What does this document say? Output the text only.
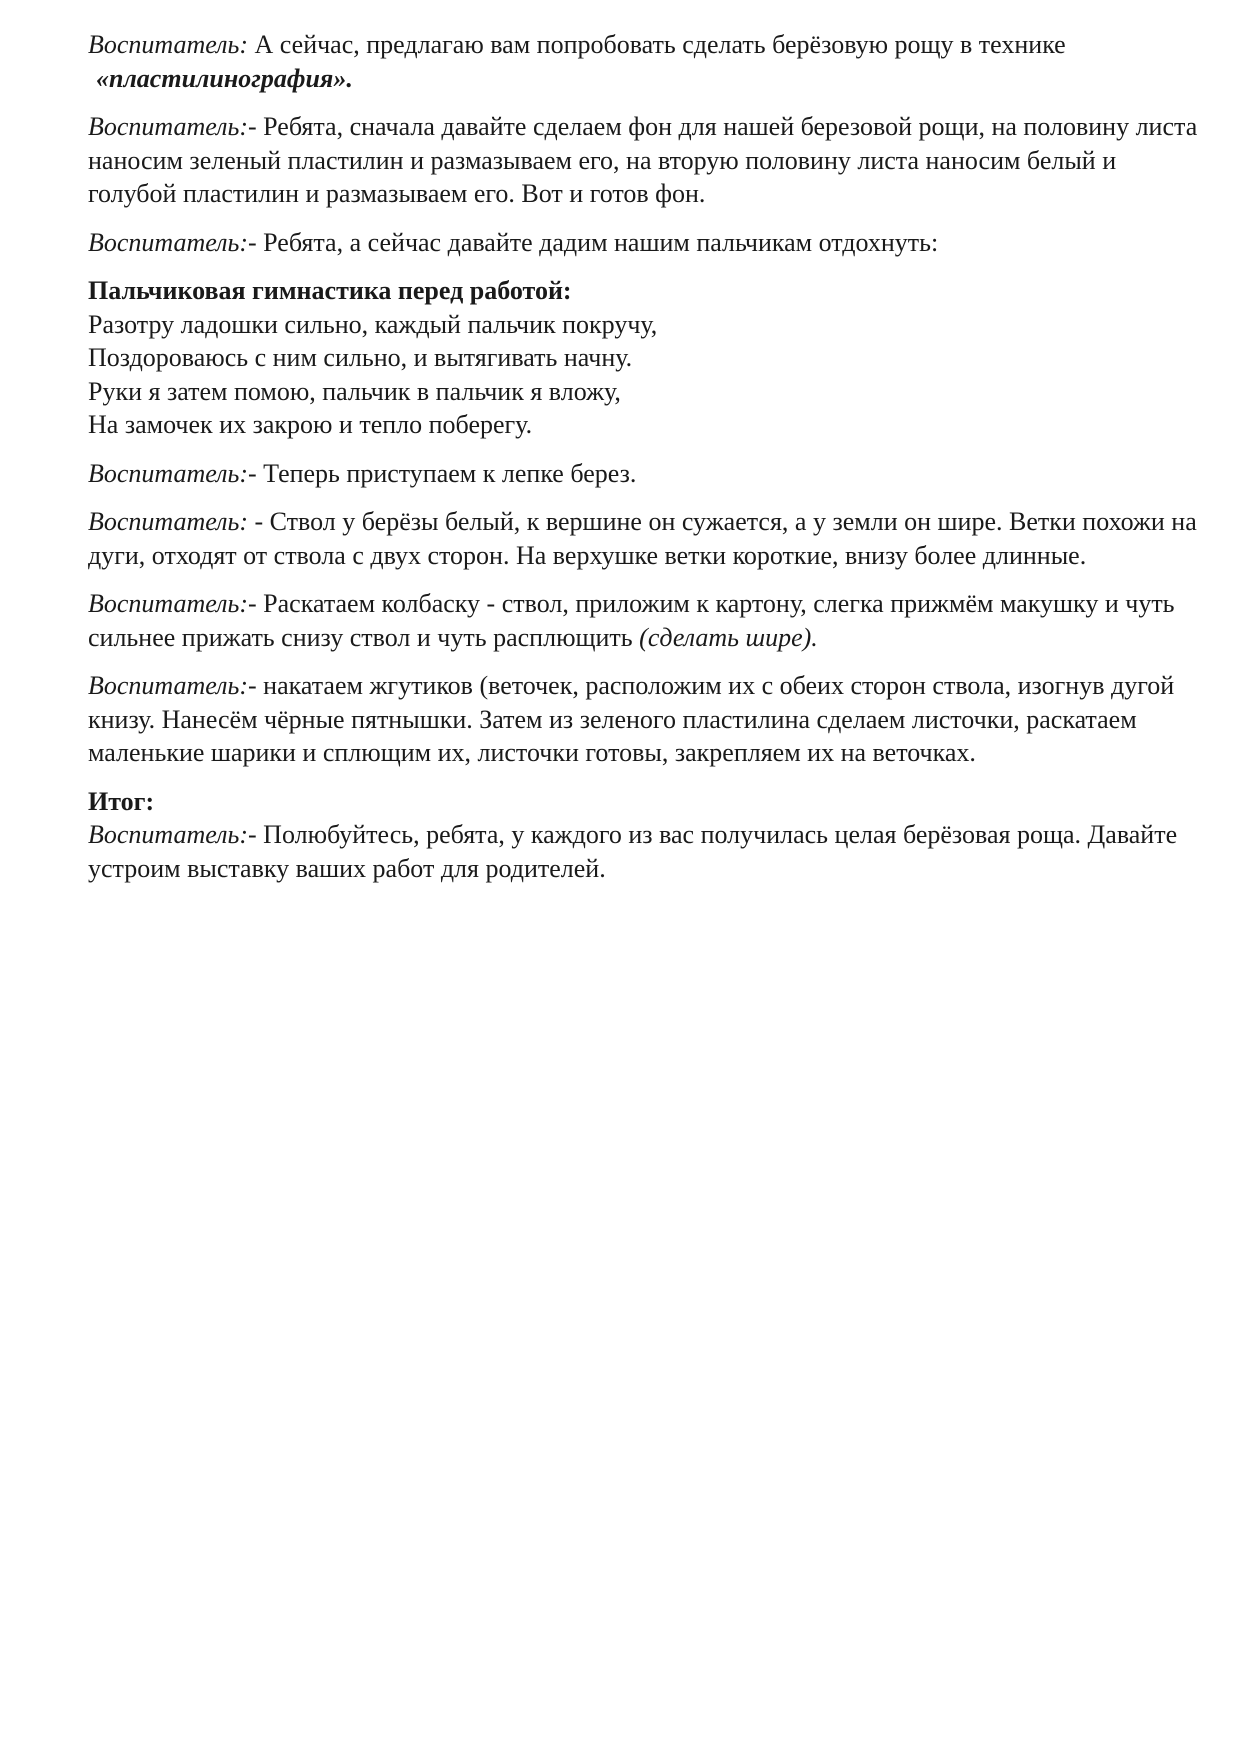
Воспитатель: А сейчас, предлагаю вам попробовать сделать берёзовую рощу в технике

«пластилинография».

Воспитатель:- Ребята, сначала давайте сделаем фон для нашей березовой рощи, на половину листа наносим зеленый пластилин и размазываем его, на вторую половину листа наносим белый и голубой пластилин и размазываем его. Вот и готов фон.

Воспитатель:- Ребята, а сейчас давайте дадим нашим пальчикам отдохнуть:

Пальчиковая гимнастика перед работой:

Разотру ладошки сильно, каждый пальчик покручу,

Поздороваюсь с ним сильно, и вытягивать начну.

Руки я затем помою, пальчик в пальчик я вложу,

На замочек их закрою и тепло поберегу.

Воспитатель:- Теперь приступаем к лепке берез.

Воспитатель: - Ствол у берёзы белый, к вершине он сужается, а у земли он шире. Ветки похожи на дуги, отходят от ствола с двух сторон. На верхушке ветки короткие, внизу более длинные.

Воспитатель:- Раскатаем колбаску - ствол, приложим к картону, слегка прижмём макушку и чуть сильнее прижать снизу ствол и чуть расплющить (сделать шире).

Воспитатель:- накатаем жгутиков (веточек, расположим их с обеих сторон ствола, изогнув дугой книзу. Нанесём чёрные пятнышки. Затем из зеленого пластилина сделаем листочки, раскатаем маленькие шарики и сплющим их, листочки готовы, закрепляем их на веточках.

Итог:

Воспитатель:- Полюбуйтесь, ребята, у каждого из вас получилась целая берёзовая роща. Давайте устроим выставку ваших работ для родителей.
